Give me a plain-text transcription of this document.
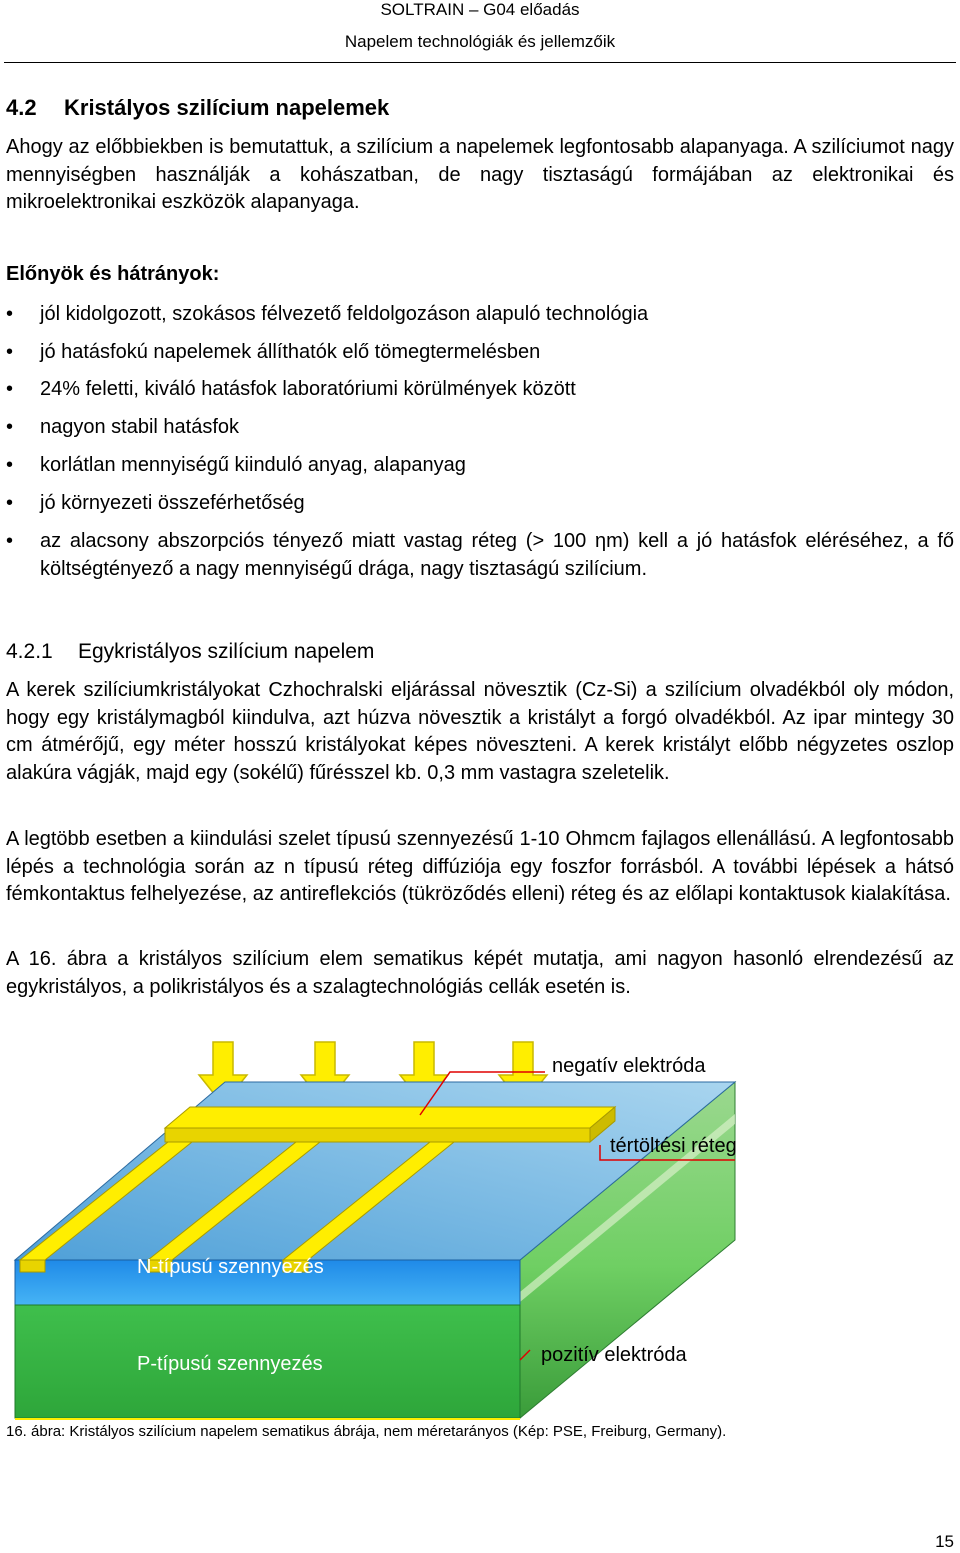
SOLTRAIN – G04 előadás
Napelem technológiák és jellemzőik
4.2 Kristályos szilícium napelemek
Ahogy az előbbiekben is bemutattuk, a szilícium a napelemek legfontosabb alapanyaga. A szilíciumot nagy mennyiségben használják a kohászatban, de nagy tisztaságú formájában az elektronikai és mikroelektronikai eszközök alapanyaga.
Előnyök és hátrányok:
• jól kidolgozott, szokásos félvezető feldolgozáson alapuló technológia
• jó hatásfokú napelemek állíthatók elő tömegtermelésben
• 24% feletti, kiváló hatásfok laboratóriumi körülmények között
• nagyon stabil hatásfok
• korlátlan mennyiségű kiinduló anyag, alapanyag
• jó környezeti összeférhetőség
• az alacsony abszorpciós tényező miatt vastag réteg (> 100 ηm) kell a jó hatásfok eléréséhez, a fő költségtényező a nagy mennyiségű drága, nagy tisztaságú szilícium.
4.2.1 Egykristályos szilícium napelem
A kerek szilíciumkristályokat Czhochralski eljárással növesztik (Cz-Si) a szilícium olvadékból oly módon, hogy egy kristálymagból kiindulva, azt húzva növesztik a kristályt a forgó olvadékból. Az ipar mintegy 30 cm átmérőjű, egy méter hosszú kristályokat képes növeszteni. A kerek kristályt előbb négyzetes oszlop alakúra vágják, majd egy (sokélű) fűrésszel kb. 0,3 mm vastagra szeletelik.
A legtöbb esetben a kiindulási szelet típusú szennyezésű 1-10 Ohmcm fajlagos ellenállású. A legfontosabb lépés a technológia során az n típusú réteg diffúziója egy foszfor forrásból. A további lépések a hátsó fémkontaktus felhelyezése, az antireflekciós (tükröződés elleni) réteg és az előlapi kontaktusok kialakítása.
A 16. ábra a kristályos szilícium elem sematikus képét mutatja, ami nagyon hasonló elrendezésű az egykristályos, a polikristályos és a szalagtechnológiás cellák esetén is.
negatív elektróda
tértöltési réteg
N-típusú szennyezés
P-típusú szennyezés	pozitív elektróda
16. ábra: Kristályos szilícium napelem sematikus ábrája, nem méretarányos (Kép: PSE, Freiburg, Germany).
15
